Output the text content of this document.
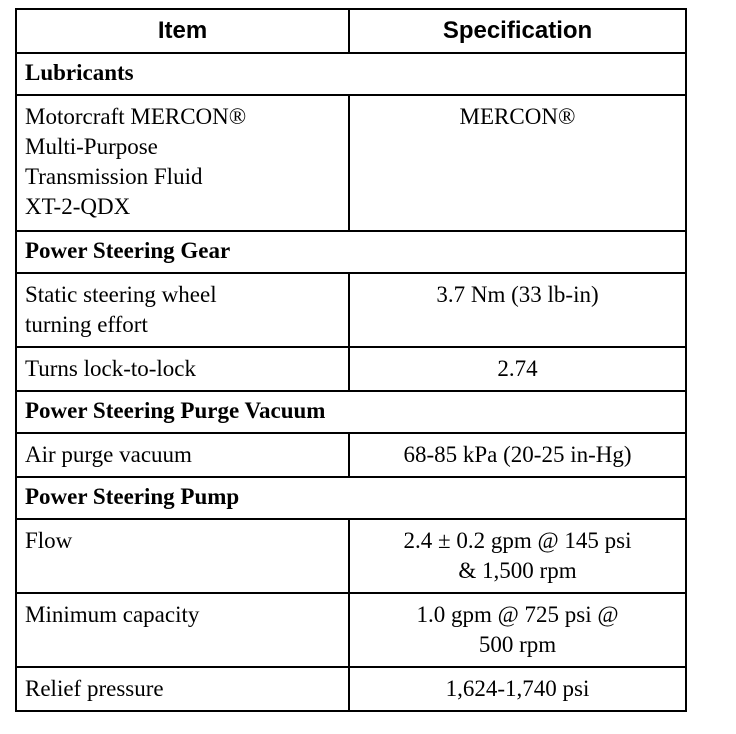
Item	Specification
Lubricants	

Motorcraft MERCON®
Multi-Purpose
Transmission Fluid
XT-2-QDX	MERCON®

Power Steering Gear	

Static steering wheel
turning effort	3.7 Nm (33 lb-in)

Turns lock-to-lock	2.74

Power Steering Purge Vacuum	

Air purge vacuum	68-85 kPa (20-25 in-Hg)

Power Steering Pump	

Flow	2.4 ± 0.2 gpm @ 145 psi
& 1,500 rpm

Minimum capacity	1.0 gpm @ 725 psi @
500 rpm

Relief pressure	1,624-1,740 psi
